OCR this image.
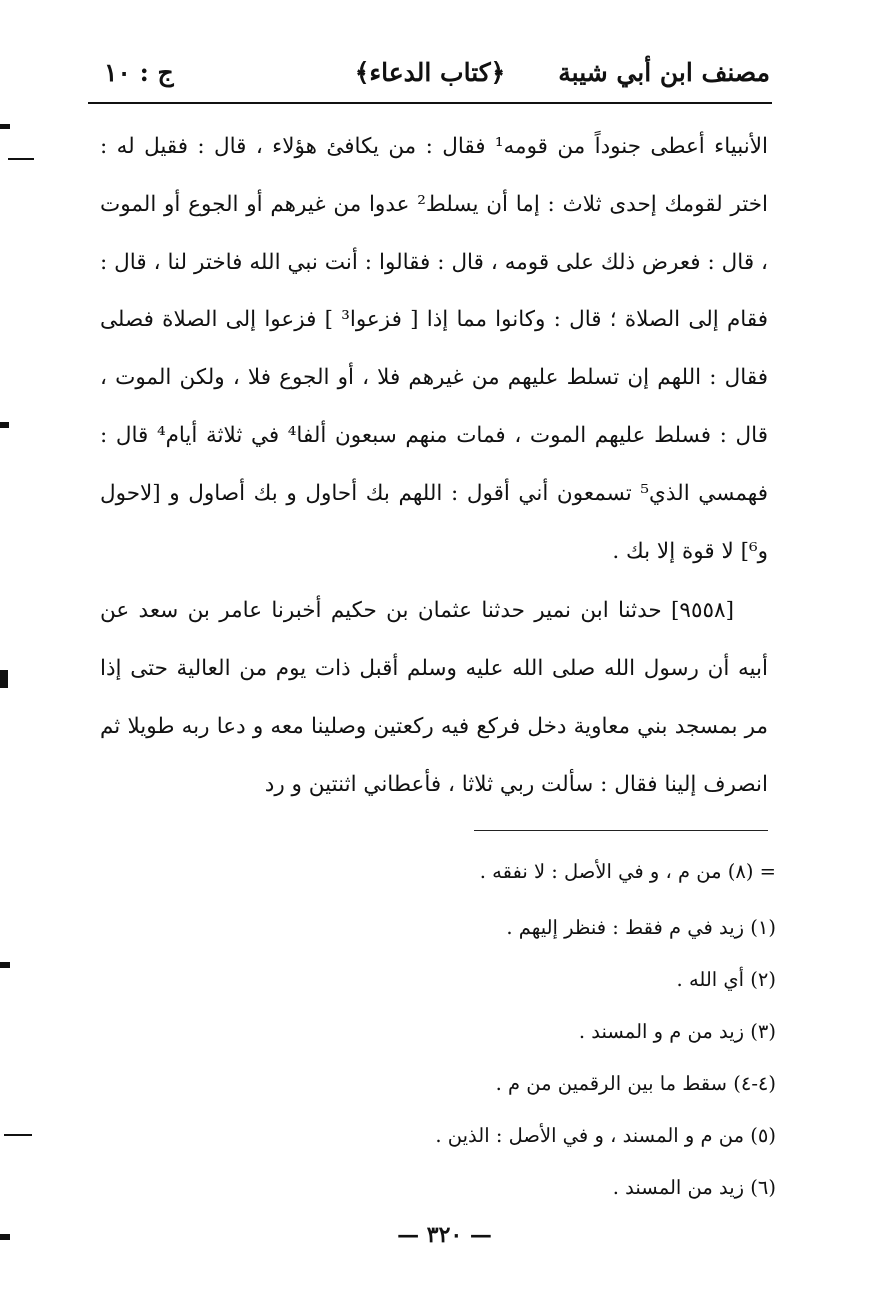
مصنف ابن أبي شيبة
﴿كتاب الدعاء﴾
ج : ١٠

الأنبياء أعطى جنوداً من قومه¹ فقال : من يكافئ هؤلاء ، قال : فقيل له : اختر لقومك إحدى ثلاث : إما أن يسلط² عدوا من غيرهم أو الجوع أو الموت ، قال : فعرض ذلك على قومه ، قال : فقالوا : أنت نبي الله فاختر لنا ، قال : فقام إلى الصلاة ؛ قال : وكانوا مما إذا [ فزعوا³ ] فزعوا إلى الصلاة فصلى فقال : اللهم إن تسلط عليهم من غيرهم فلا ، أو الجوع فلا ، ولكن الموت ، قال : فسلط عليهم الموت ، فمات منهم سبعون ألفا⁴ في ثلاثة أيام⁴ قال : فهمسي الذي⁵ تسمعون أني أقول : اللهم بك أحاول و بك أصاول و [لاحول و⁶] لا قوة إلا بك .

[٩٥٥٨] حدثنا ابن نمير حدثنا عثمان بن حكيم أخبرنا عامر بن سعد عن أبيه أن رسول الله صلى الله عليه وسلم أقبل ذات يوم من العالية حتى إذا مر بمسجد بني معاوية دخل فركع فيه ركعتين وصلينا معه و دعا ربه طويلا ثم انصرف إلينا فقال : سألت ربي ثلاثا ، فأعطاني اثنتين و رد

= (٨) من م ، و في الأصل : لا نفقه .
(١) زيد في م فقط : فنظر إليهم .
(٢) أي الله .
(٣) زيد من م و المسند .
(٤-٤) سقط ما بين الرقمين من م .
(٥) من م و المسند ، و في الأصل : الذين .
(٦) زيد من المسند .
— ٣٢٠ —
